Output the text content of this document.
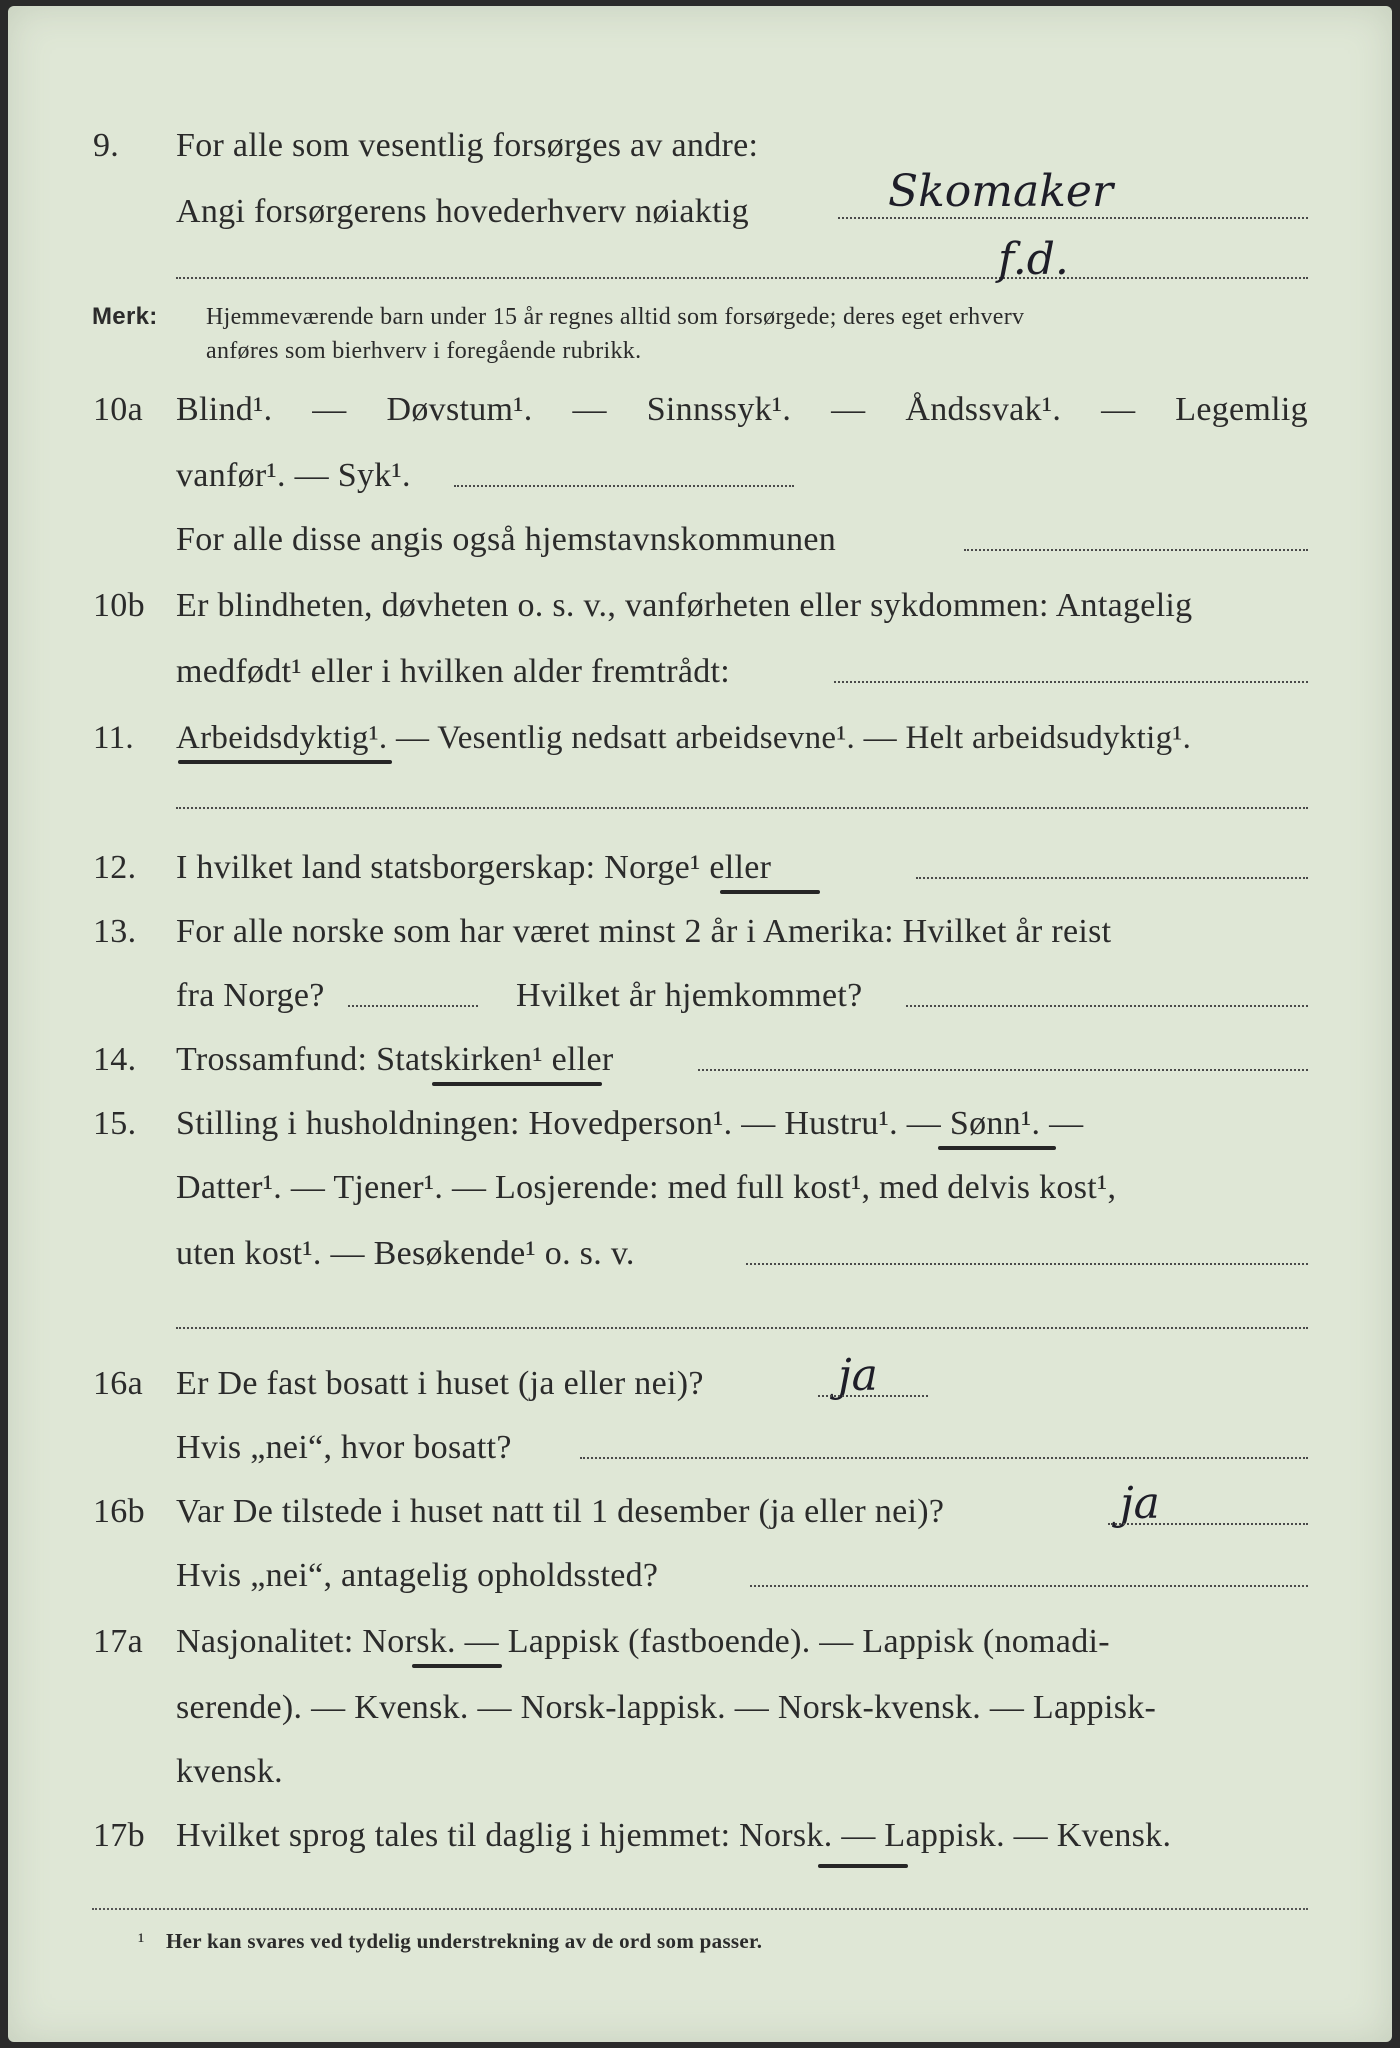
9.	For alle som vesentlig forsørges av andre:
Angi forsørgerens hovederhverv nøiaktig	Skomaker
f.d.
Merk: Hjemmeværende barn under 15 år regnes alltid som forsørgede; deres eget erhverv
anføres som bierhverv i foregående rubrikk.
10a Blind¹. — Døvstum¹. — Sinnssyk¹. — Åndssvak¹. — Legemlig
vanfør¹. — Syk¹.
For alle disse angis også hjemstavnskommunen
10b Er blindheten, døvheten o. s. v., vanførheten eller sykdommen: Antagelig
medfødt¹ eller i hvilken alder fremtrådt:
11.	Arbeidsdyktig¹. — Vesentlig nedsatt arbeidsevne¹. — Helt arbeidsudyktig¹.
12.	I hvilket land statsborgerskap: Norge¹ eller
13.	For alle norske som har været minst 2 år i Amerika: Hvilket år reist
fra Norge?	Hvilket år hjemkommet?
14.	Trossamfund: Statskirken¹ eller
15.	Stilling i husholdningen: Hovedperson¹. — Hustru¹. — Sønn¹. —
Datter¹. — Tjener¹. — Losjerende: med full kost¹, med delvis kost¹,
uten kost¹. — Besøkende¹ o. s. v.
16a Er De fast bosatt i huset (ja eller nei)?	ja
Hvis „nei“, hvor bosatt?
16b Var De tilstede i huset natt til 1 desember (ja eller nei)?	ja
Hvis „nei“, antagelig opholdssted?
17a Nasjonalitet: Norsk. — Lappisk (fastboende). — Lappisk (nomadi-
serende). — Kvensk. — Norsk-lappisk. — Norsk-kvensk. — Lappisk-
kvensk.
17b Hvilket sprog tales til daglig i hjemmet: Norsk. — Lappisk. — Kvensk.
¹ Her kan svares ved tydelig understrekning av de ord som passer.
